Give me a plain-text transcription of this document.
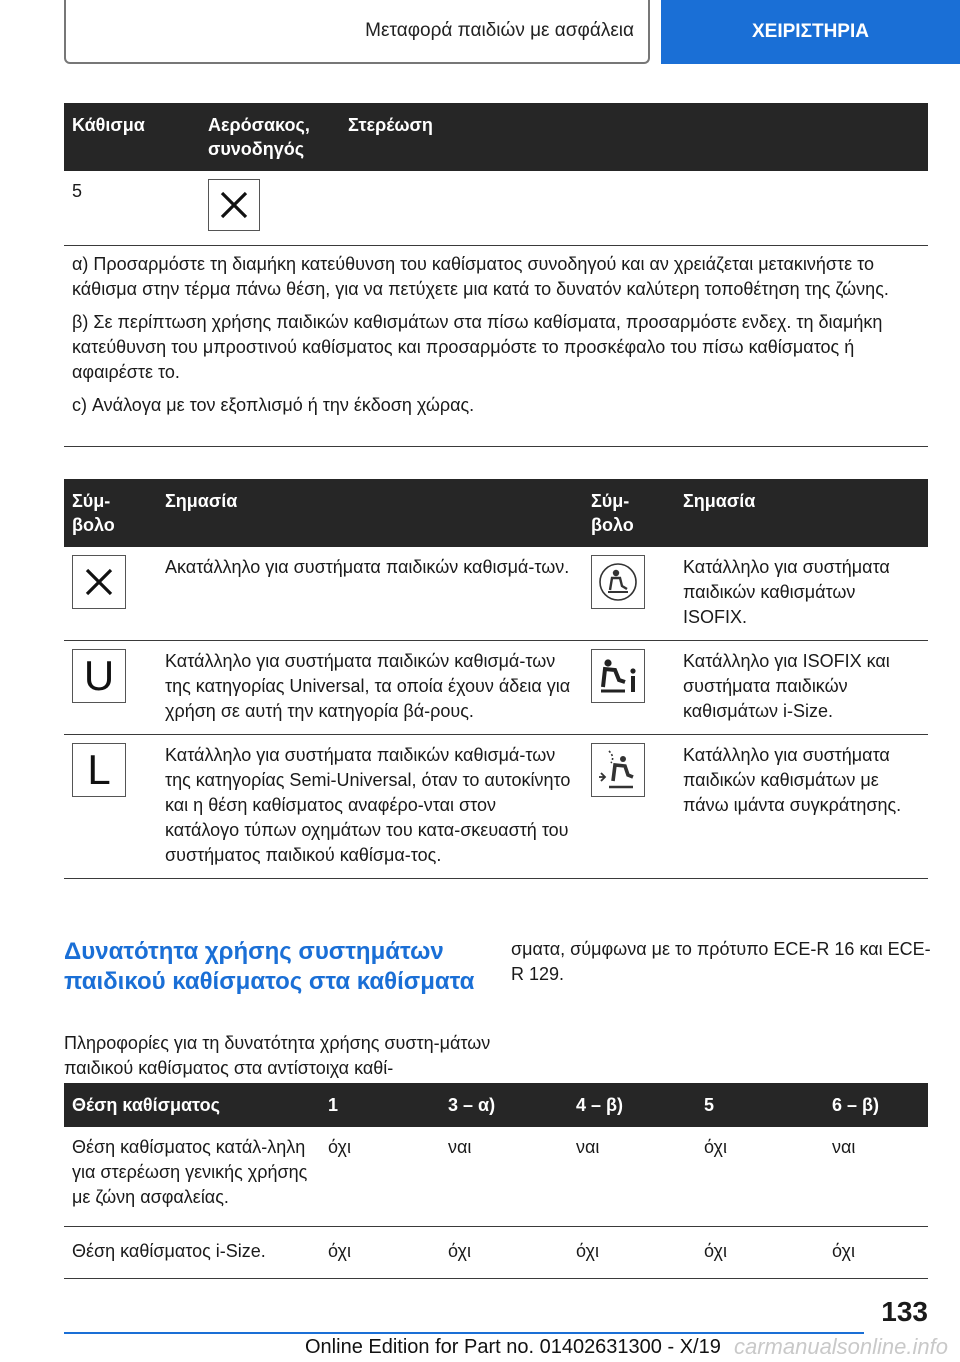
Μεταφορά παιδιών με ασφάλεια	ΧΕΙΡΙΣΤΗΡΙΑ
Κάθισμα	Αερόσακος, συνοδηγός	Στερέωση
5	

α) Προσαρμόστε τη διαμήκη κατεύθυνση του καθίσματος συνοδηγού και αν χρειάζεται μετακινήστε το κάθισμα στην τέρμα πάνω θέση, για να πετύχετε μια κατά το δυνατόν καλύτερη τοποθέτηση της ζώνης.

β) Σε περίπτωση χρήσης παιδικών καθισμάτων στα πίσω καθίσματα, προσαρμόστε ενδεχ. τη διαμήκη κατεύθυνση του μπροστινού καθίσματος και προσαρμόστε το προσκέφαλο του πίσω καθίσματος ή αφαιρέστε το.

c) Ανάλογα με τον εξοπλισμό ή την έκδοση χώρας.

Σύμ-βολο	Σημασία	Σύμ-βολο	Σημασία

	Ακατάλληλο για συστήματα παιδικών καθισμά-των.		Κατάλληλο για συστήματα παιδικών καθισμάτων ISOFIX.

U	Κατάλληλο για συστήματα παιδικών καθισμά-των της κατηγορίας Universal, τα οποία έχουν άδεια για χρήση σε αυτή την κατηγορία βά-ρους.		Κατάλληλο για ISOFIX και συστήματα παιδικών καθισμάτων i-Size.

L	Κατάλληλο για συστήματα παιδικών καθισμά-των της κατηγορίας Semi-Universal, όταν το αυτοκίνητο και η θέση καθίσματος αναφέρο-νται στον κατάλογο τύπων οχημάτων του κατα-σκευαστή του συστήματος παιδικού καθίσμα-τος.		Κατάλληλο για συστήματα παιδικών καθισμάτων με πάνω ιμάντα συγκράτησης.
Δυνατότητα χρήσης συστημάτων παιδικού καθίσματος στα καθίσματα
Πληροφορίες για τη δυνατότητα χρήσης συστη-μάτων παιδικού καθίσματος στα αντίστοιχα καθί-
σματα, σύμφωνα με το πρότυπο ECE-R 16 και ECE-R 129.
Θέση καθίσματος	1	3 – α)	4 – β)	5	6 – β)
Θέση καθίσματος κατάλ-ληλη για στερέωση γενικής χρήσης με ζώνη ασφαλείας.	όχι	ναι	ναι	όχι	ναι
Θέση καθίσματος i-Size.	όχι	όχι	όχι	όχι	όχι
133
Online Edition for Part no. 01402631300 - X/19 carmanualsonline.info
